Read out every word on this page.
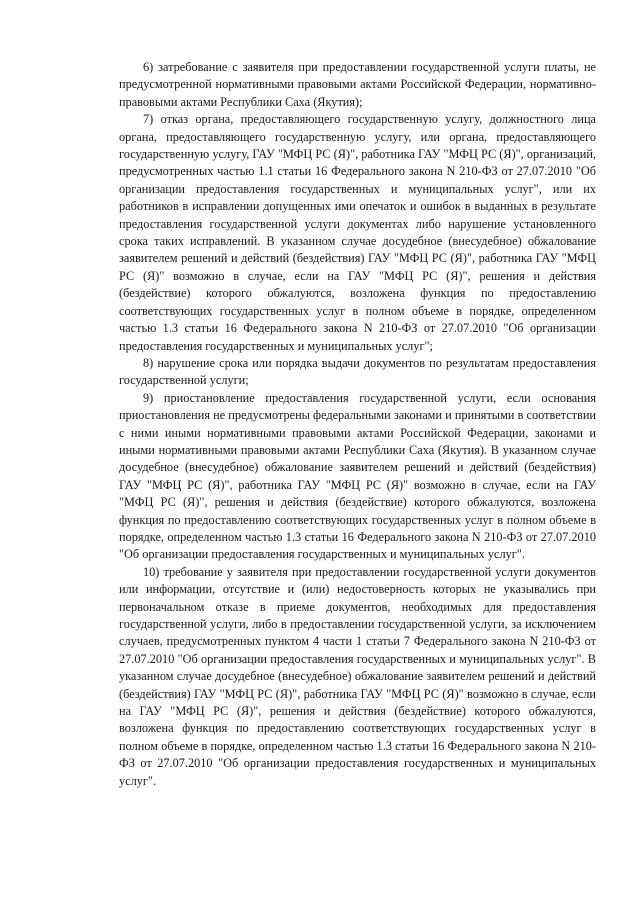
6) затребование с заявителя при предоставлении государственной услуги платы, не предусмотренной нормативными правовыми актами Российской Федерации, нормативно-правовыми актами Республики Саха (Якутия);

7) отказ органа, предоставляющего государственную услугу, должностного лица органа, предоставляющего государственную услугу, или органа, предоставляющего государственную услугу, ГАУ "МФЦ РС (Я)", работника ГАУ "МФЦ РС (Я)", организаций, предусмотренных частью 1.1 статьи 16 Федерального закона N 210-ФЗ от 27.07.2010 "Об организации предоставления государственных и муниципальных услуг", или их работников в исправлении допущенных ими опечаток и ошибок в выданных в результате предоставления государственной услуги документах либо нарушение установленного срока таких исправлений. В указанном случае досудебное (внесудебное) обжалование заявителем решений и действий (бездействия) ГАУ "МФЦ РС (Я)", работника ГАУ "МФЦ РС (Я)" возможно в случае, если на ГАУ "МФЦ РС (Я)", решения и действия (бездействие) которого обжалуются, возложена функция по предоставлению соответствующих государственных услуг в полном объеме в порядке, определенном частью 1.3 статьи 16 Федерального закона N 210-ФЗ от 27.07.2010 "Об организации предоставления государственных и муниципальных услуг";

8) нарушение срока или порядка выдачи документов по результатам предоставления государственной услуги;

9) приостановление предоставления государственной услуги, если основания приостановления не предусмотрены федеральными законами и принятыми в соответствии с ними иными нормативными правовыми актами Российской Федерации, законами и иными нормативными правовыми актами Республики Саха (Якутия). В указанном случае досудебное (внесудебное) обжалование заявителем решений и действий (бездействия) ГАУ "МФЦ РС (Я)", работника ГАУ "МФЦ РС (Я)" возможно в случае, если на ГАУ "МФЦ РС (Я)", решения и действия (бездействие) которого обжалуются, возложена функция по предоставлению соответствующих государственных услуг в полном объеме в порядке, определенном частью 1.3 статьи 16 Федерального закона N 210-ФЗ от 27.07.2010 "Об организации предоставления государственных и муниципальных услуг".

10) требование у заявителя при предоставлении государственной услуги документов или информации, отсутствие и (или) недостоверность которых не указывались при первоначальном отказе в приеме документов, необходимых для предоставления государственной услуги, либо в предоставлении государственной услуги, за исключением случаев, предусмотренных пунктом 4 части 1 статьи 7 Федерального закона N 210-ФЗ от 27.07.2010 "Об организации предоставления государственных и муниципальных услуг". В указанном случае досудебное (внесудебное) обжалование заявителем решений и действий (бездействия) ГАУ "МФЦ РС (Я)", работника ГАУ "МФЦ РС (Я)" возможно в случае, если на ГАУ "МФЦ РС (Я)", решения и действия (бездействие) которого обжалуются, возложена функция по предоставлению соответствующих государственных услуг в полном объеме в порядке, определенном частью 1.3 статьи 16 Федерального закона N 210-ФЗ от 27.07.2010 "Об организации предоставления государственных и муниципальных услуг".
